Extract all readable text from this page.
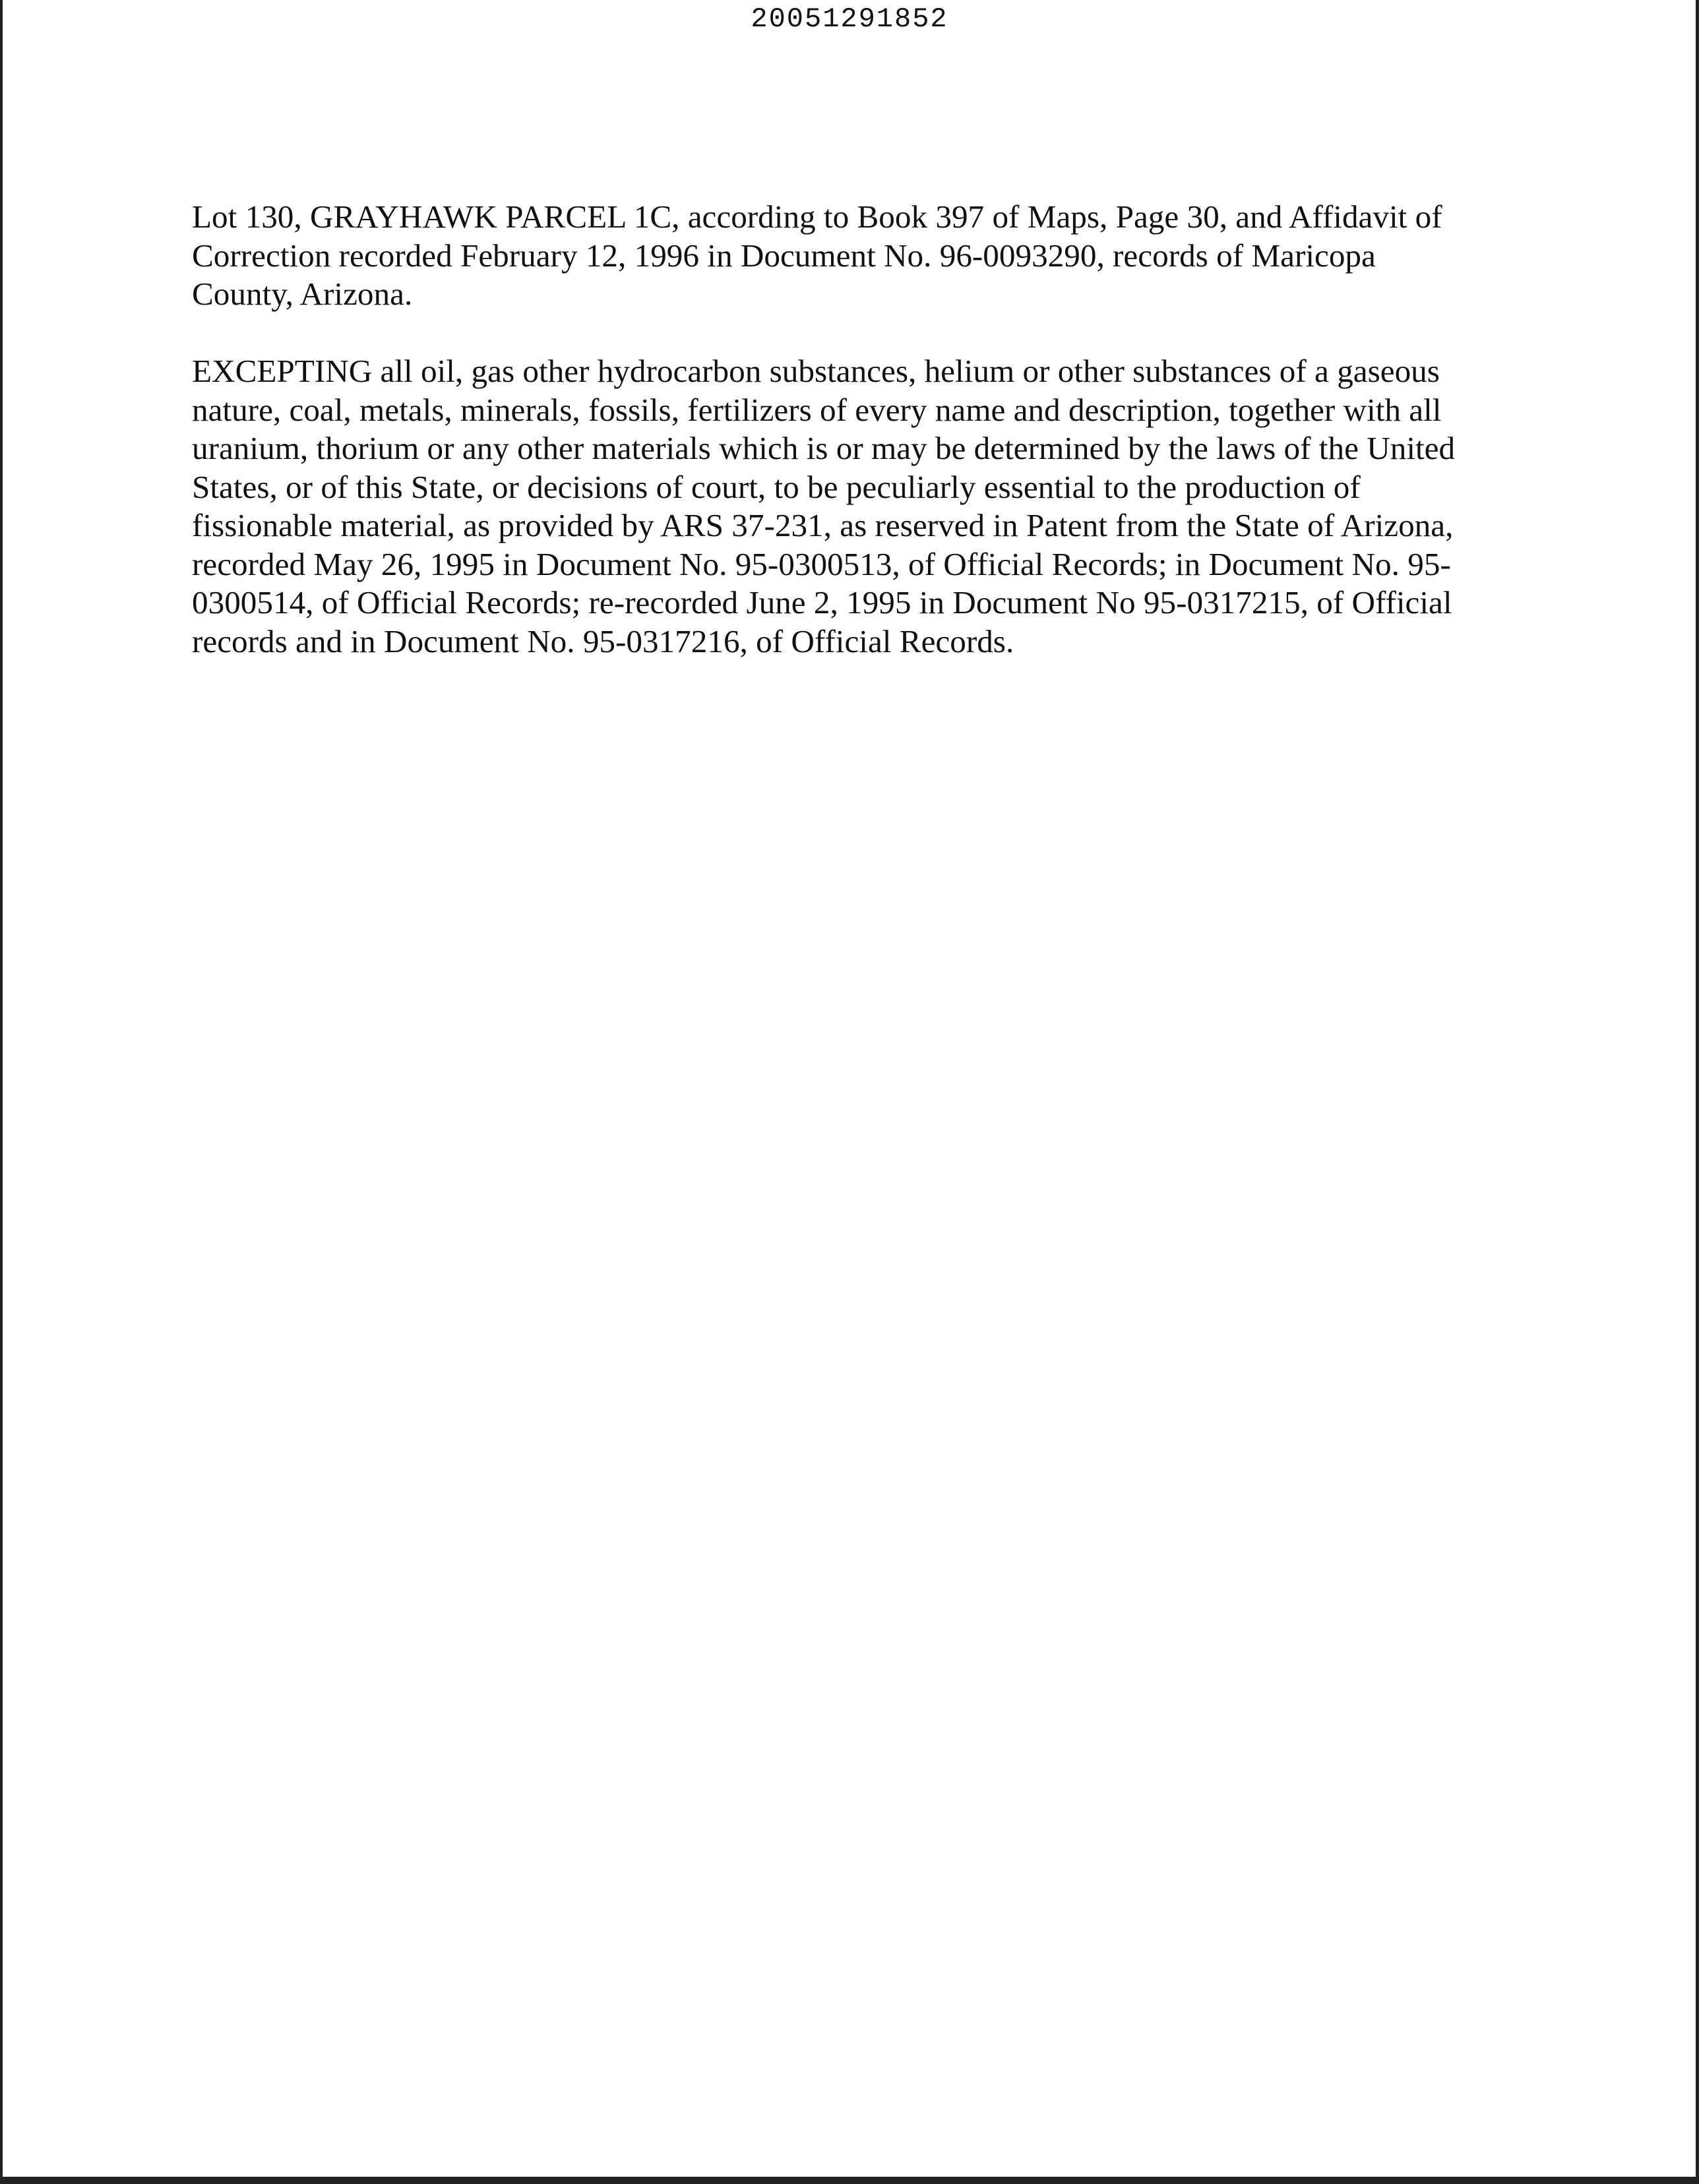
20051291852

Lot 130, GRAYHAWK PARCEL 1C, according to Book 397 of Maps, Page 30, and Affidavit of
Correction recorded February 12, 1996 in Document No. 96-0093290, records of Maricopa
County, Arizona.

EXCEPTING all oil, gas other hydrocarbon substances, helium or other substances of a gaseous
nature, coal, metals, minerals, fossils, fertilizers of every name and description, together with all
uranium, thorium or any other materials which is or may be determined by the laws of the United
States, or of this State, or decisions of court, to be peculiarly essential to the production of
fissionable material, as provided by ARS 37-231, as reserved in Patent from the State of Arizona,
recorded May 26, 1995 in Document No. 95-0300513, of Official Records; in Document No. 95-
0300514, of Official Records; re-recorded June 2, 1995 in Document No 95-0317215, of Official
records and in Document No. 95-0317216, of Official Records.
